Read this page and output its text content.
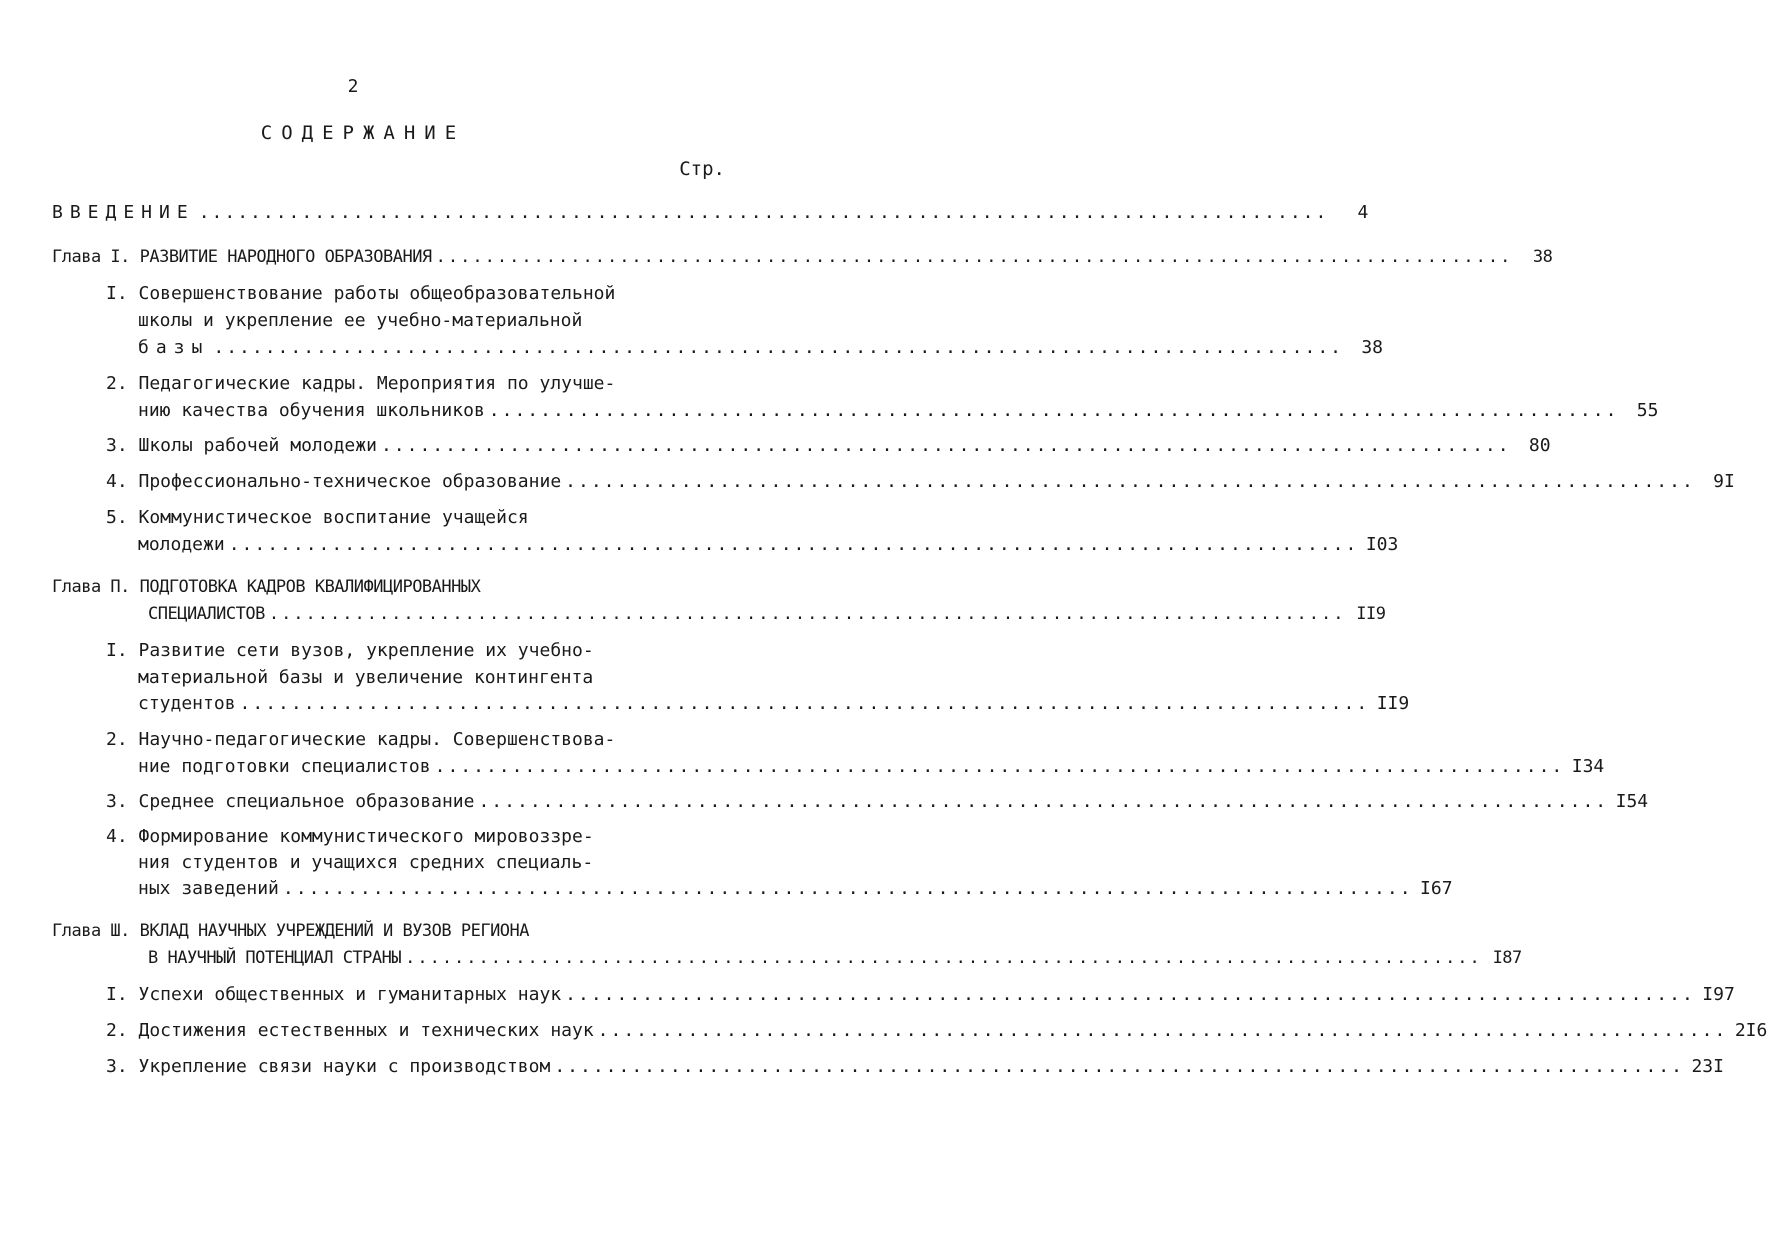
2
СОДЕРЖАНИЕ
Стр.
ВВЕДЕНИЕ ........................................................................................	4
Глава I. РАЗВИТИЕ НАРОДНОГО ОБРАЗОВАНИЯ ........................................................................................	38
I. Совершенствование работы общеобразовательной
школы и укрепление ее учебно-материальной
базы ........................................................................................	38
2. Педагогические кадры. Мероприятия по улучше-
нию качества обучения школьников ........................................................................................	55
3. Школы рабочей молодежи ........................................................................................	80
4. Профессионально-техническое образование ........................................................................................	9I
5. Коммунистическое воспитание учащейся
молодежи ........................................................................................ I03
Глава П. ПОДГОТОВКА КАДРОВ КВАЛИФИЦИРОВАННЫХ
СПЕЦИАЛИСТОВ ........................................................................................ II9
I. Развитие сети вузов, укрепление их учебно-
материальной базы и увеличение контингента
студентов ........................................................................................ II9
2. Научно-педагогические кадры. Совершенствова-
ние подготовки специалистов ........................................................................................ I34
3. Среднее специальное образование ........................................................................................ I54
4. Формирование коммунистического мировоззре-
ния студентов и учащихся средних специаль-
ных заведений ........................................................................................ I67
Глава Ш. ВКЛАД НАУЧНЫХ УЧРЕЖДЕНИЙ И ВУЗОВ РЕГИОНА
В НАУЧНЫЙ ПОТЕНЦИАЛ СТРАНЫ ........................................................................................ I87
I. Успехи общественных и гуманитарных наук ........................................................................................ I97
2. Достижения естественных и технических наук ........................................................................................ 2I6
3. Укрепление связи науки с производством ........................................................................................ 23I
